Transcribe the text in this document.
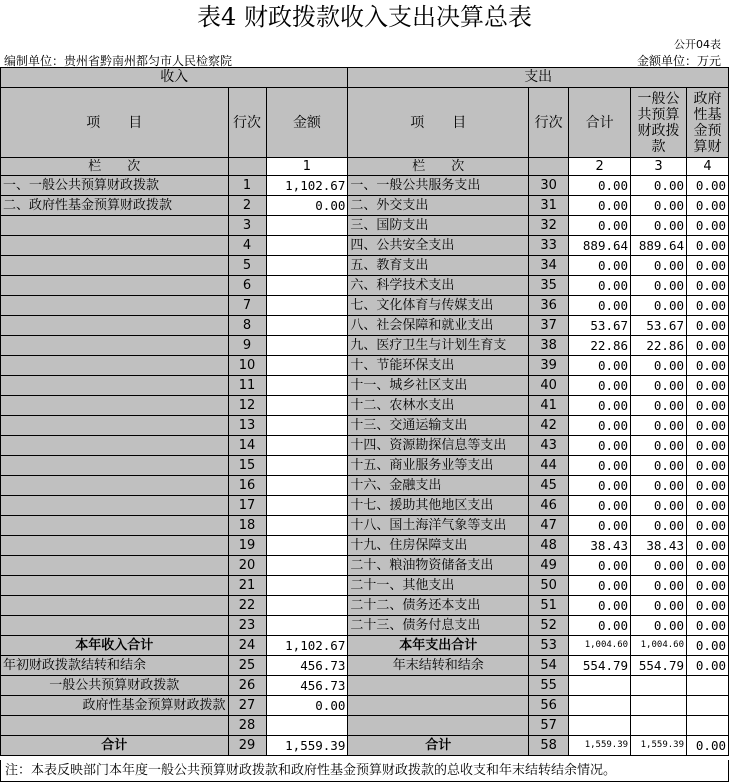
表4 财政拨款收入支出决算总表
公开04表
编制单位：贵州省黔南州都匀市人民检察院	金额单位：万元
收入			支出				
项　　目	行次	金额	项　　目	行次	合计	一般公共预算财政拨款	政府性基金预算财
栏　　次		1	栏　　次		2	3	4
一、一般公共预算财政拨款	1	1,102.67	一、一般公共服务支出	30	0.00	0.00	0.00
二、政府性基金预算财政拨款	2	0.00	二、外交支出	31	0.00	0.00	0.00
	3		三、国防支出	32	0.00	0.00	0.00
	4		四、公共安全支出	33	889.64	889.64	0.00
	5		五、教育支出	34	0.00	0.00	0.00
	6		六、科学技术支出	35	0.00	0.00	0.00
	7		七、文化体育与传媒支出	36	0.00	0.00	0.00
	8		八、社会保障和就业支出	37	53.67	53.67	0.00
	9		九、医疗卫生与计划生育支	38	22.86	22.86	0.00
	10		十、节能环保支出	39	0.00	0.00	0.00
	11		十一、城乡社区支出	40	0.00	0.00	0.00
	12		十二、农林水支出	41	0.00	0.00	0.00
	13		十三、交通运输支出	42	0.00	0.00	0.00
	14		十四、资源勘探信息等支出	43	0.00	0.00	0.00
	15		十五、商业服务业等支出	44	0.00	0.00	0.00
	16		十六、金融支出	45	0.00	0.00	0.00
	17		十七、援助其他地区支出	46	0.00	0.00	0.00
	18		十八、国土海洋气象等支出	47	0.00	0.00	0.00
	19		十九、住房保障支出	48	38.43	38.43	0.00
	20		二十、粮油物资储备支出	49	0.00	0.00	0.00
	21		二十一、其他支出	50	0.00	0.00	0.00
	22		二十二、债务还本支出	51	0.00	0.00	0.00
	23		二十三、债务付息支出	52	0.00	0.00	0.00
本年收入合计	24	1,102.67	本年支出合计	53	1,004.60	1,004.60	0.00
年初财政拨款结转和结余	25	456.73	年末结转和结余	54	554.79	554.79	0.00
一般公共预算财政拨款	26	456.73		55			
政府性基金预算财政拨款	27	0.00		56			
	28			57			
合计	29	1,559.39	合计	58	1,559.39	1,559.39	0.00
注：本表反映部门本年度一般公共预算财政拨款和政府性基金预算财政拨款的总收支和年末结转结余情况。
